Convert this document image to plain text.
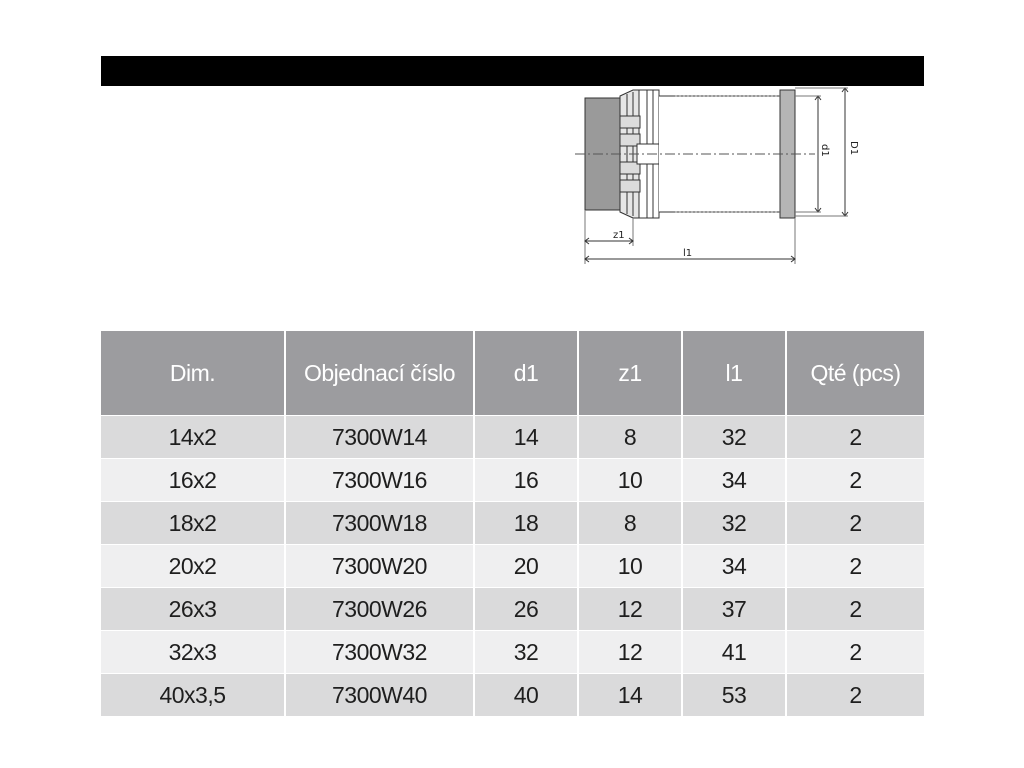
d1 D1
z1
l1
Dim.	Objednací číslo	d1	z1	l1	Qté (pcs)
14x2	7300W14	14	8	32	2
16x2	7300W16	16	10	34	2
18x2	7300W18	18	8	32	2
20x2	7300W20	20	10	34	2
26x3	7300W26	26	12	37	2
32x3	7300W32	32	12	41	2
40x3,5	7300W40	40	14	53	2
